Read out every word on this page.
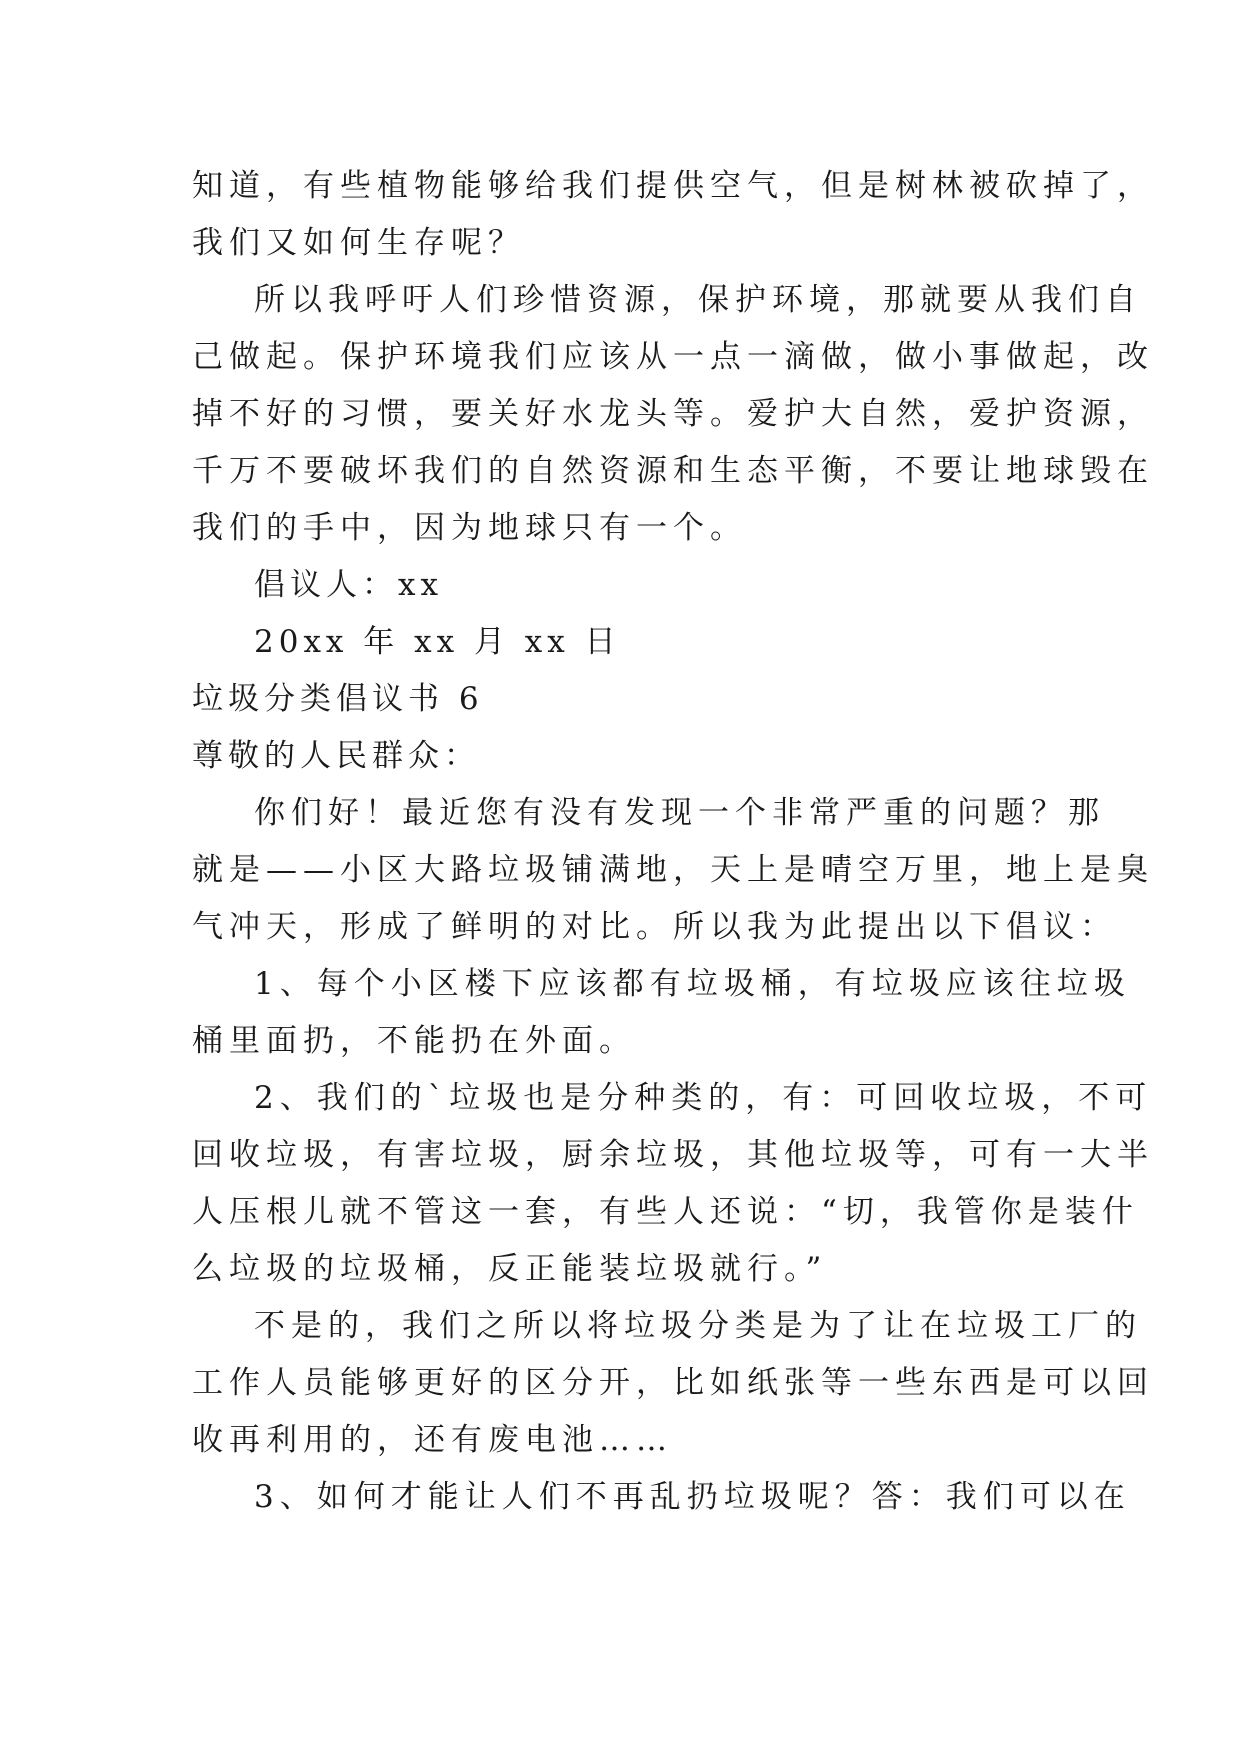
知道，有些植物能够给我们提供空气，但是树林被砍掉了，

我们又如何生存呢？

所以我呼吁人们珍惜资源，保护环境，那就要从我们自

己做起。保护环境我们应该从一点一滴做，做小事做起，改

掉不好的习惯，要关好水龙头等。爱护大自然，爱护资源，

千万不要破坏我们的自然资源和生态平衡，不要让地球毁在

我们的手中，因为地球只有一个。

倡议人：xx

20xx 年 xx 月 xx 日

垃圾分类倡议书 6

尊敬的人民群众：

你们好！最近您有没有发现一个非常严重的问题？那

就是——小区大路垃圾铺满地，天上是晴空万里，地上是臭

气冲天，形成了鲜明的对比。所以我为此提出以下倡议：

1、每个小区楼下应该都有垃圾桶，有垃圾应该往垃圾

桶里面扔，不能扔在外面。

2、我们的`垃圾也是分种类的，有：可回收垃圾，不可

回收垃圾，有害垃圾，厨余垃圾，其他垃圾等，可有一大半

人压根儿就不管这一套，有些人还说：“切，我管你是装什

么垃圾的垃圾桶，反正能装垃圾就行。”

不是的，我们之所以将垃圾分类是为了让在垃圾工厂的

工作人员能够更好的区分开，比如纸张等一些东西是可以回

收再利用的，还有废电池……

3、如何才能让人们不再乱扔垃圾呢？答：我们可以在
